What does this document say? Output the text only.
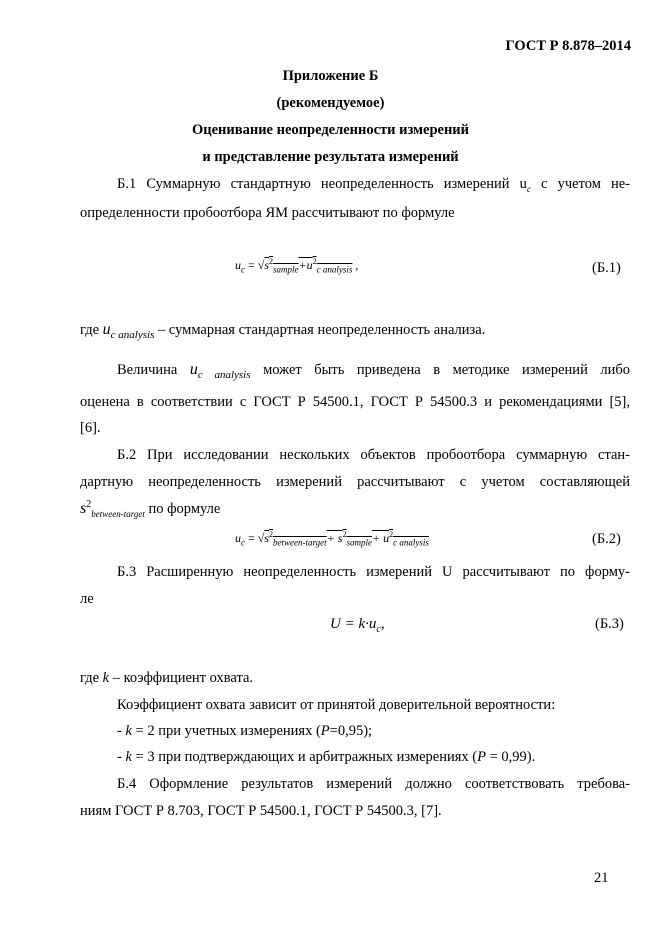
ГОСТ Р 8.878–2014
Приложение Б
(рекомендуемое)
Оценивание неопределенности измерений
и представление результата измерений
Б.1 Суммарную стандартную неопределенность измерений $u_с$ с учетом не-
определенности пробоотбора ЯМ рассчитывают по формуле
$u_c = √s^2_{sample}+u^2_{c analysis}$ ,	(Б.1)
где $u_{c analysis}$ – суммарная стандартная неопределенность анализа.
Величина $u_{c analysis}$ может быть приведена в методике измерений либо
оценена в соответствии с ГОСТ Р 54500.1, ГОСТ Р 54500.3 и рекомендациями [5],
[6].
Б.2 При исследовании нескольких объектов пробоотбора суммарную стан-
дартную неопределенность измерений рассчитывают с учетом составляющей
$s^2_{between-target}$ по формуле
$u_c = √s^2_{between-target}+ s^2_{sample}+ u^2_{c analysis}$	(Б.2)
Б.3 Расширенную неопределенность измерений U рассчитывают по форму-
ле
$U = k\cdot u_c$,	(Б.3)
где k – коэффициент охвата.
Коэффициент охвата зависит от принятой доверительной вероятности:
- k = 2 при учетных измерениях (P=0,95);
- k = 3 при подтверждающих и арбитражных измерениях (P = 0,99).
Б.4 Оформление результатов измерений должно соответствовать требова-
ниям ГОСТ Р 8.703, ГОСТ Р 54500.1, ГОСТ Р 54500.3, [7].
21
